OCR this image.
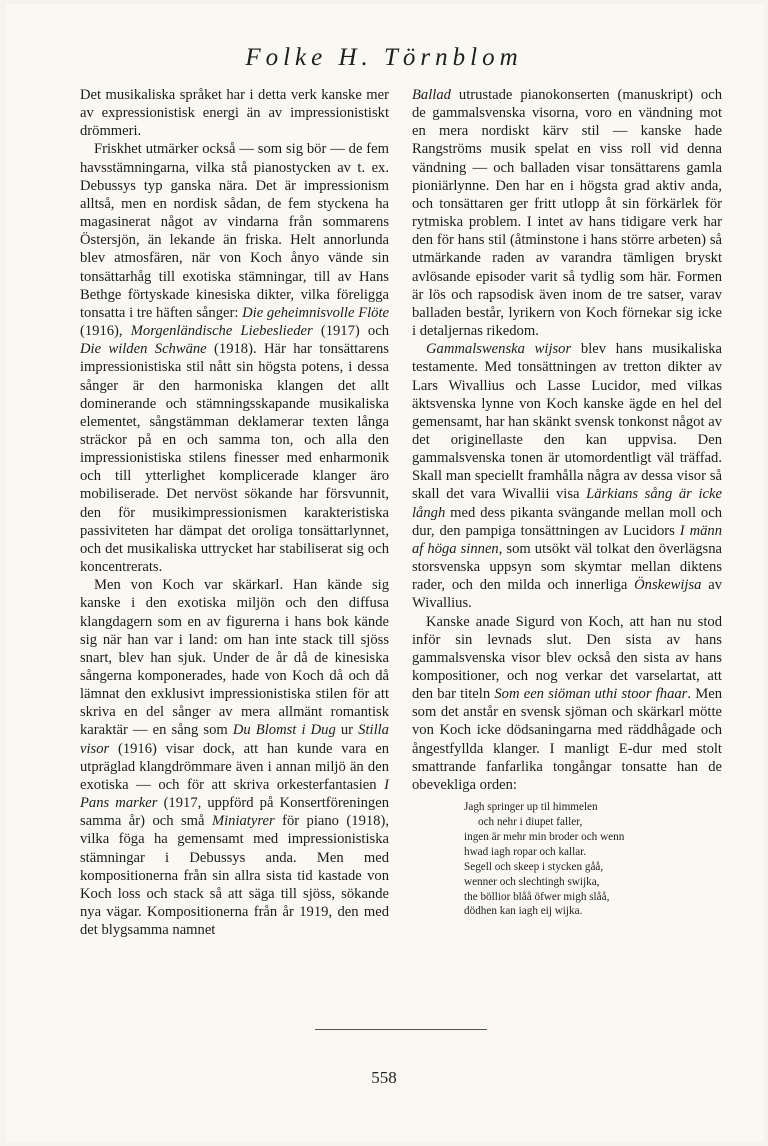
Folke H. Törnblom

Det musikaliska språket har i detta verk kanske mer av expressionistisk energi än av impressionistiskt drömmeri.

Friskhet utmärker också — som sig bör — de fem havsstämningarna, vilka stå pianostycken av t. ex. Debussys typ ganska nära. Det är impressionism alltså, men en nordisk sådan, de fem styckena ha magasinerat något av vindarna från sommarens Östersjön, än lekande än friska. Helt annorlunda blev atmosfären, när von Koch ånyo vände sin tonsättarhåg till exotiska stämningar, till av Hans Bethge förtyskade kinesiska dikter, vilka föreligga tonsatta i tre häften sånger: Die geheimnisvolle Flöte (1916), Morgenländische Liebeslieder (1917) och Die wilden Schwäne (1918). Här har tonsättarens impressionistiska stil nått sin högsta potens, i dessa sånger är den harmoniska klangen det allt dominerande och stämningsskapande musikaliska elementet, sångstämman deklamerar texten långa sträckor på en och samma ton, och alla den impressionistiska stilens finesser med enharmonik och till ytterlighet komplicerade klanger äro mobiliserade. Det nervöst sökande har försvunnit, den för musikimpressionismen karakteristiska passiviteten har dämpat det oroliga tonsättarlynnet, och det musikaliska uttrycket har stabiliserat sig och koncentrerats.

Men von Koch var skärkarl. Han kände sig kanske i den exotiska miljön och den diffusa klangdagern som en av figurerna i hans bok kände sig när han var i land: om han inte stack till sjöss snart, blev han sjuk. Under de år då de kinesiska sångerna komponerades, hade von Koch då och då lämnat den exklusivt impressionistiska stilen för att skriva en del sånger av mera allmänt romantisk karaktär — en sång som Du Blomst i Dug ur Stilla visor (1916) visar dock, att han kunde vara en utpräglad klangdrömmare även i annan miljö än den exotiska — och för att skriva orkesterfantasien I Pans marker (1917, uppförd på Konsertföreningen samma år) och små Miniatyrer för piano (1918), vilka föga ha gemensamt med impressionistiska stämningar i Debussys anda. Men med kompositionerna från sin allra sista tid kastade von Koch loss och stack så att säga till sjöss, sökande nya vägar. Kompositionerna från år 1919, den med det blygsamma namnet

Ballad utrustade pianokonserten (manuskript) och de gammalsvenska visorna, voro en vändning mot en mera nordiskt kärv stil — kanske hade Rangströms musik spelat en viss roll vid denna vändning — och balladen visar tonsättarens gamla pioniärlynne. Den har en i högsta grad aktiv anda, och tonsättaren ger fritt utlopp åt sin förkärlek för rytmiska problem. I intet av hans tidigare verk har den för hans stil (åtminstone i hans större arbeten) så utmärkande raden av varandra tämligen bryskt avlösande episoder varit så tydlig som här. Formen är lös och rapsodisk även inom de tre satser, varav balladen består, lyrikern von Koch förnekar sig icke i detaljernas rikedom.

Gammalswenska wijsor blev hans musikaliska testamente. Med tonsättningen av tretton dikter av Lars Wivallius och Lasse Lucidor, med vilkas äktsvenska lynne von Koch kanske ägde en hel del gemensamt, har han skänkt svensk tonkonst något av det originellaste den kan uppvisa. Den gammalsvenska tonen är utomordentligt väl träffad. Skall man speciellt framhålla några av dessa visor så skall det vara Wivallii visa Lärkians sång är icke långh med dess pikanta svängande mellan moll och dur, den pampiga tonsättningen av Lucidors I männ af höga sinnen, som utsökt väl tolkat den överlägsna storsvenska uppsyn som skymtar mellan diktens rader, och den milda och innerliga Önskewijsa av Wivallius.

Kanske anade Sigurd von Koch, att han nu stod inför sin levnads slut. Den sista av hans gammalsvenska visor blev också den sista av hans kompositioner, och nog verkar det varselartat, att den bar titeln Som een siöman uthi stoor fhaar. Men som det anstår en svensk sjöman och skärkarl mötte von Koch icke dödsaningarna med räddhågade och ångestfyllda klanger. I manligt E-dur med stolt smattrande fanfarlika tongångar tonsatte han de obevekliga orden:

Jagh springer up til himmelen
och nehr i diupet faller,
ingen är mehr min broder och wenn
hwad iagh ropar och kallar.
Segell och skeep i stycken gåå,
wenner och slechtingh swijka,
the böllior blåå öfwer migh slåå,
dödhen kan iagh eij wijka.
558
